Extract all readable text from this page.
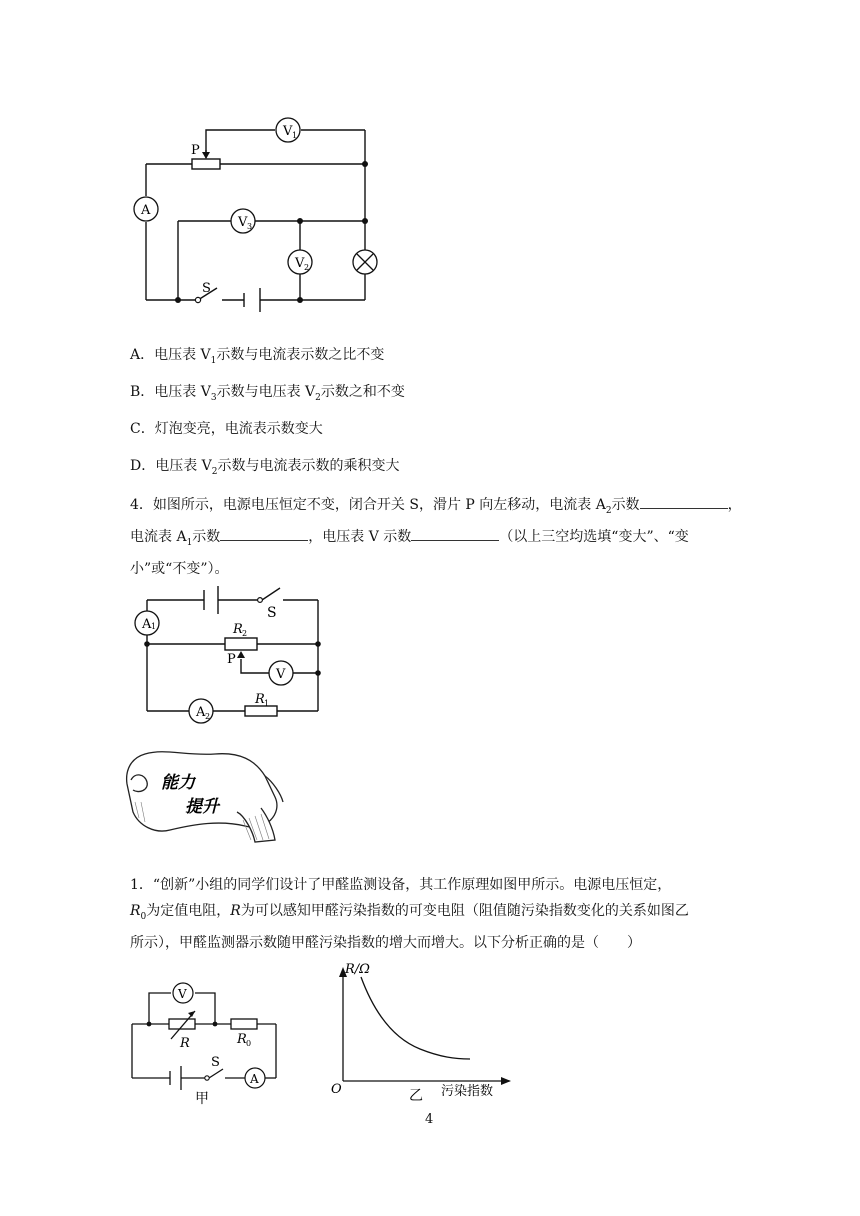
V 1
A
V 3
V 2
P
S
A．电压表 $V_1$示数与电流表示数之比不变
B．电压表 $V_3$示数与电压表 $V_2$示数之和不变
C．灯泡变亮，电流表示数变大
D．电压表 $V_2$示数与电流表示数的乘积变大
4．如图所示，电源电压恒定不变，闭合开关 S，滑片 P 向左移动，电流表 $A_2$示数	，
电流表 $A_1$示数	，电压表 V 示数	（以上三空均选填“变大”、“变
小”或“不变”）。
A 1
A 2
V
R 2
R 1
P
S
能力
提升
1．“创新”小组的同学们设计了甲醛监测设备，其工作原理如图甲所示。电源电压恒定，
$R_0$为定值电阻，R为可以感知甲醛污染指数的可变电阻（阻值随污染指数变化的关系如图乙
所示），甲醛监测器示数随甲醛污染指数的增大而增大。以下分析正确的是（　　）
V
A
R	R 0
S
甲
R/Ω
O	污染指数
乙
4
